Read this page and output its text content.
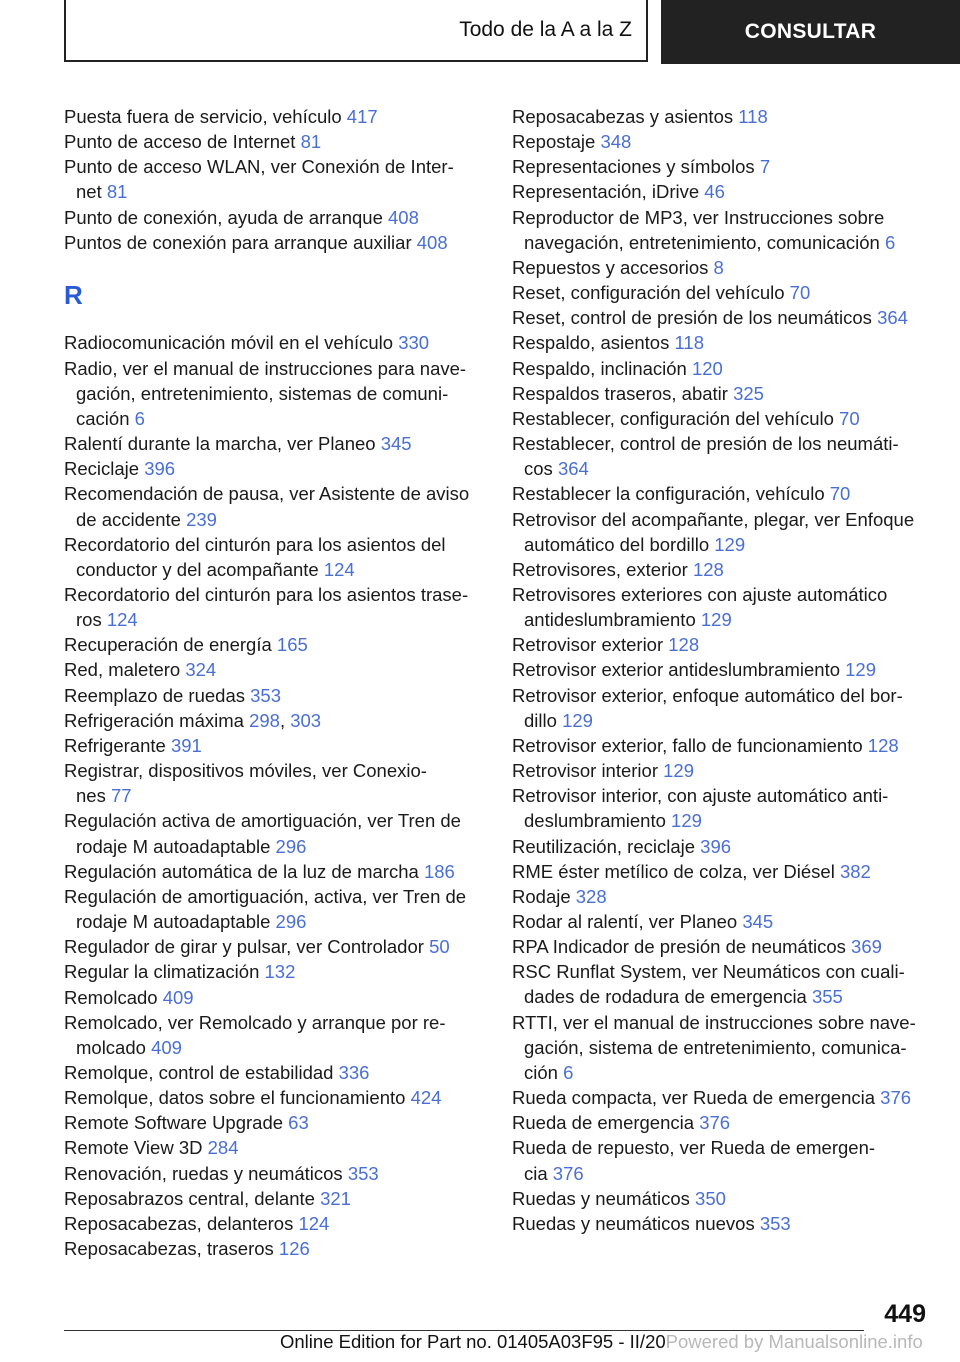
Todo de la A a la Z	CONSULTAR
Puesta fuera de servicio, vehículo 417
Punto de acceso de Internet 81
Punto de acceso WLAN, ver Conexión de Inter‐
net 81
Punto de conexión, ayuda de arranque 408
Puntos de conexión para arranque auxiliar 408
R
Radiocomunicación móvil en el vehículo 330
Radio, ver el manual de instrucciones para nave‐
gación, entretenimiento, sistemas de comuni‐
cación 6
Ralentí durante la marcha, ver Planeo 345
Reciclaje 396
Recomendación de pausa, ver Asistente de aviso
de accidente 239
Recordatorio del cinturón para los asientos del
conductor y del acompañante 124
Recordatorio del cinturón para los asientos trase‐
ros 124
Recuperación de energía 165
Red, maletero 324
Reemplazo de ruedas 353
Refrigeración máxima 298, 303
Refrigerante 391
Registrar, dispositivos móviles, ver Conexio‐
nes 77
Regulación activa de amortiguación, ver Tren de
rodaje M autoadaptable 296
Regulación automática de la luz de marcha 186
Regulación de amortiguación, activa, ver Tren de
rodaje M autoadaptable 296
Regulador de girar y pulsar, ver Controlador 50
Regular la climatización 132
Remolcado 409
Remolcado, ver Remolcado y arranque por re‐
molcado 409
Remolque, control de estabilidad 336
Remolque, datos sobre el funcionamiento 424
Remote Software Upgrade 63
Remote View 3D 284
Renovación, ruedas y neumáticos 353
Reposabrazos central, delante 321
Reposacabezas, delanteros 124
Reposacabezas, traseros 126
Reposacabezas y asientos 118
Repostaje 348
Representaciones y símbolos 7
Representación, iDrive 46
Reproductor de MP3, ver Instrucciones sobre
navegación, entretenimiento, comunicación 6
Repuestos y accesorios 8
Reset, configuración del vehículo 70
Reset, control de presión de los neumáticos 364
Respaldo, asientos 118
Respaldo, inclinación 120
Respaldos traseros, abatir 325
Restablecer, configuración del vehículo 70
Restablecer, control de presión de los neumáti‐
cos 364
Restablecer la configuración, vehículo 70
Retrovisor del acompañante, plegar, ver Enfoque
automático del bordillo 129
Retrovisores, exterior 128
Retrovisores exteriores con ajuste automático
antideslumbramiento 129
Retrovisor exterior 128
Retrovisor exterior antideslumbramiento 129
Retrovisor exterior, enfoque automático del bor‐
dillo 129
Retrovisor exterior, fallo de funcionamiento 128
Retrovisor interior 129
Retrovisor interior, con ajuste automático anti‐
deslumbramiento 129
Reutilización, reciclaje 396
RME éster metílico de colza, ver Diésel 382
Rodaje 328
Rodar al ralentí, ver Planeo 345
RPA Indicador de presión de neumáticos 369
RSC Runflat System, ver Neumáticos con cuali‐
dades de rodadura de emergencia 355
RTTI, ver el manual de instrucciones sobre nave‐
gación, sistema de entretenimiento, comunica‐
ción 6
Rueda compacta, ver Rueda de emergencia 376
Rueda de emergencia 376
Rueda de repuesto, ver Rueda de emergen‐
cia 376
Ruedas y neumáticos 350
Ruedas y neumáticos nuevos 353
449
Online Edition for Part no. 01405A03F95 - II/20Powered by Manualsonline.info
